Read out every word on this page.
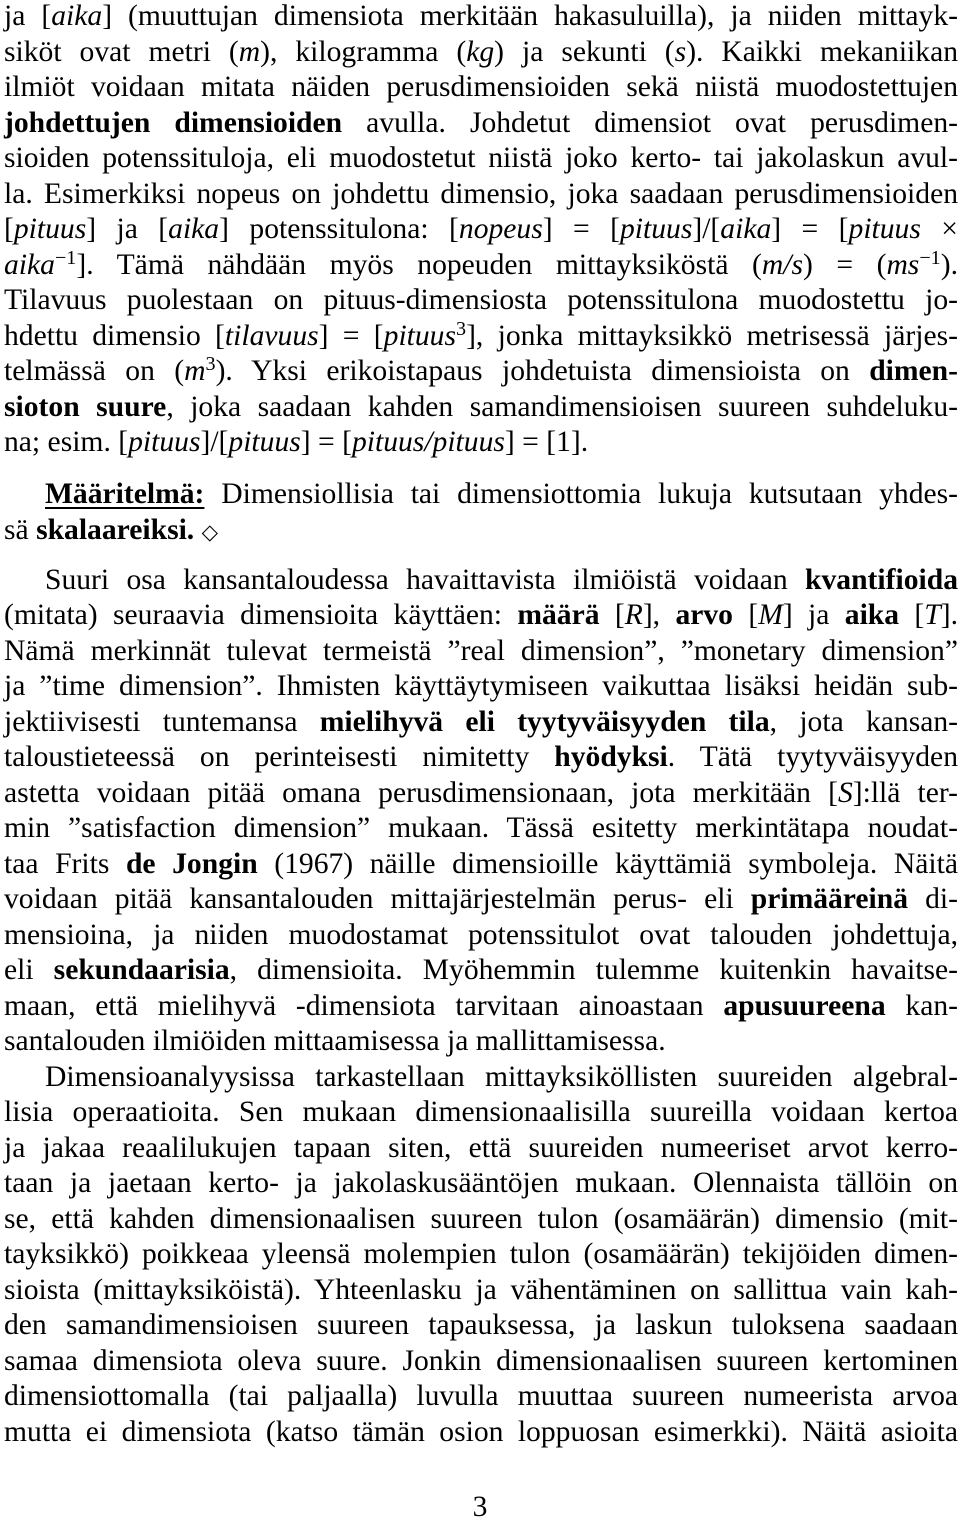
ja [aika] (muuttujan dimensiota merkitään hakasuluilla), ja niiden mittayk-
siköt ovat metri (m), kilogramma (kg) ja sekunti (s). Kaikki mekaniikan
ilmiöt voidaan mitata näiden perusdimensioiden sekä niistä muodostettujen
johdettujen dimensioiden avulla. Johdetut dimensiot ovat perusdimen-
sioiden potenssituloja, eli muodostetut niistä joko kerto- tai jakolaskun avul-
la. Esimerkiksi nopeus on johdettu dimensio, joka saadaan perusdimensioiden
[pituus] ja [aika] potenssitulona: [nopeus] = [pituus]/[aika] = [pituus ×
aika$^{-1}$]. Tämä nähdään myös nopeuden mittayksiköstä $(m/s) = (ms^{-1})$.
Tilavuus puolestaan on pituus-dimensiosta potenssitulona muodostettu jo-
hdettu dimensio [tilavuus] = [pituus$^3$], jonka mittayksikkö metrisessä järjes-
telmässä on $(m^3)$. Yksi erikoistapaus johdetuista dimensioista on dimen-
sioton suure, joka saadaan kahden samandimensioisen suureen suhdeluku-
na; esim. [pituus]/[pituus] = [pituus/pituus] = [1].
Määritelmä: Dimensiollisia tai dimensiottomia lukuja kutsutaan yhdes-
sä skalaareiksi. ◇
Suuri osa kansantaloudessa havaittavista ilmiöistä voidaan kvantifioida
(mitata) seuraavia dimensioita käyttäen: määrä [R], arvo [M] ja aika [T].
Nämä merkinnät tulevat termeistä ”real dimension”, ”monetary dimension”
ja ”time dimension”. Ihmisten käyttäytymiseen vaikuttaa lisäksi heidän sub-
jektiivisesti tuntemansa mielihyvä eli tyytyväisyyden tila, jota kansan-
taloustieteessä on perinteisesti nimitetty hyödyksi. Tätä tyytyväisyyden
astetta voidaan pitää omana perusdimensionaan, jota merkitään [S]:llä ter-
min ”satisfaction dimension” mukaan. Tässä esitetty merkintätapa noudat-
taa Frits de Jongin (1967) näille dimensioille käyttämiä symboleja. Näitä
voidaan pitää kansantalouden mittajärjestelmän perus- eli primääreinä di-
mensioina, ja niiden muodostamat potenssitulot ovat talouden johdettuja,
eli sekundaarisia, dimensioita. Myöhemmin tulemme kuitenkin havaitse-
maan, että mielihyvä -dimensiota tarvitaan ainoastaan apusuureena kan-
santalouden ilmiöiden mittaamisessa ja mallittamisessa.
Dimensioanalyysissa tarkastellaan mittayksiköllisten suureiden algebral-
lisia operaatioita. Sen mukaan dimensionaalisilla suureilla voidaan kertoa
ja jakaa reaalilukujen tapaan siten, että suureiden numeeriset arvot kerro-
taan ja jaetaan kerto- ja jakolaskusääntöjen mukaan. Olennaista tällöin on
se, että kahden dimensionaalisen suureen tulon (osamäärän) dimensio (mit-
tayksikkö) poikkeaa yleensä molempien tulon (osamäärän) tekijöiden dimen-
sioista (mittayksiköistä). Yhteenlasku ja vähentäminen on sallittua vain kah-
den samandimensioisen suureen tapauksessa, ja laskun tuloksena saadaan
samaa dimensiota oleva suure. Jonkin dimensionaalisen suureen kertominen
dimensiottomalla (tai paljaalla) luvulla muuttaa suureen numeerista arvoa
mutta ei dimensiota (katso tämän osion loppuosan esimerkki). Näitä asioita
3
